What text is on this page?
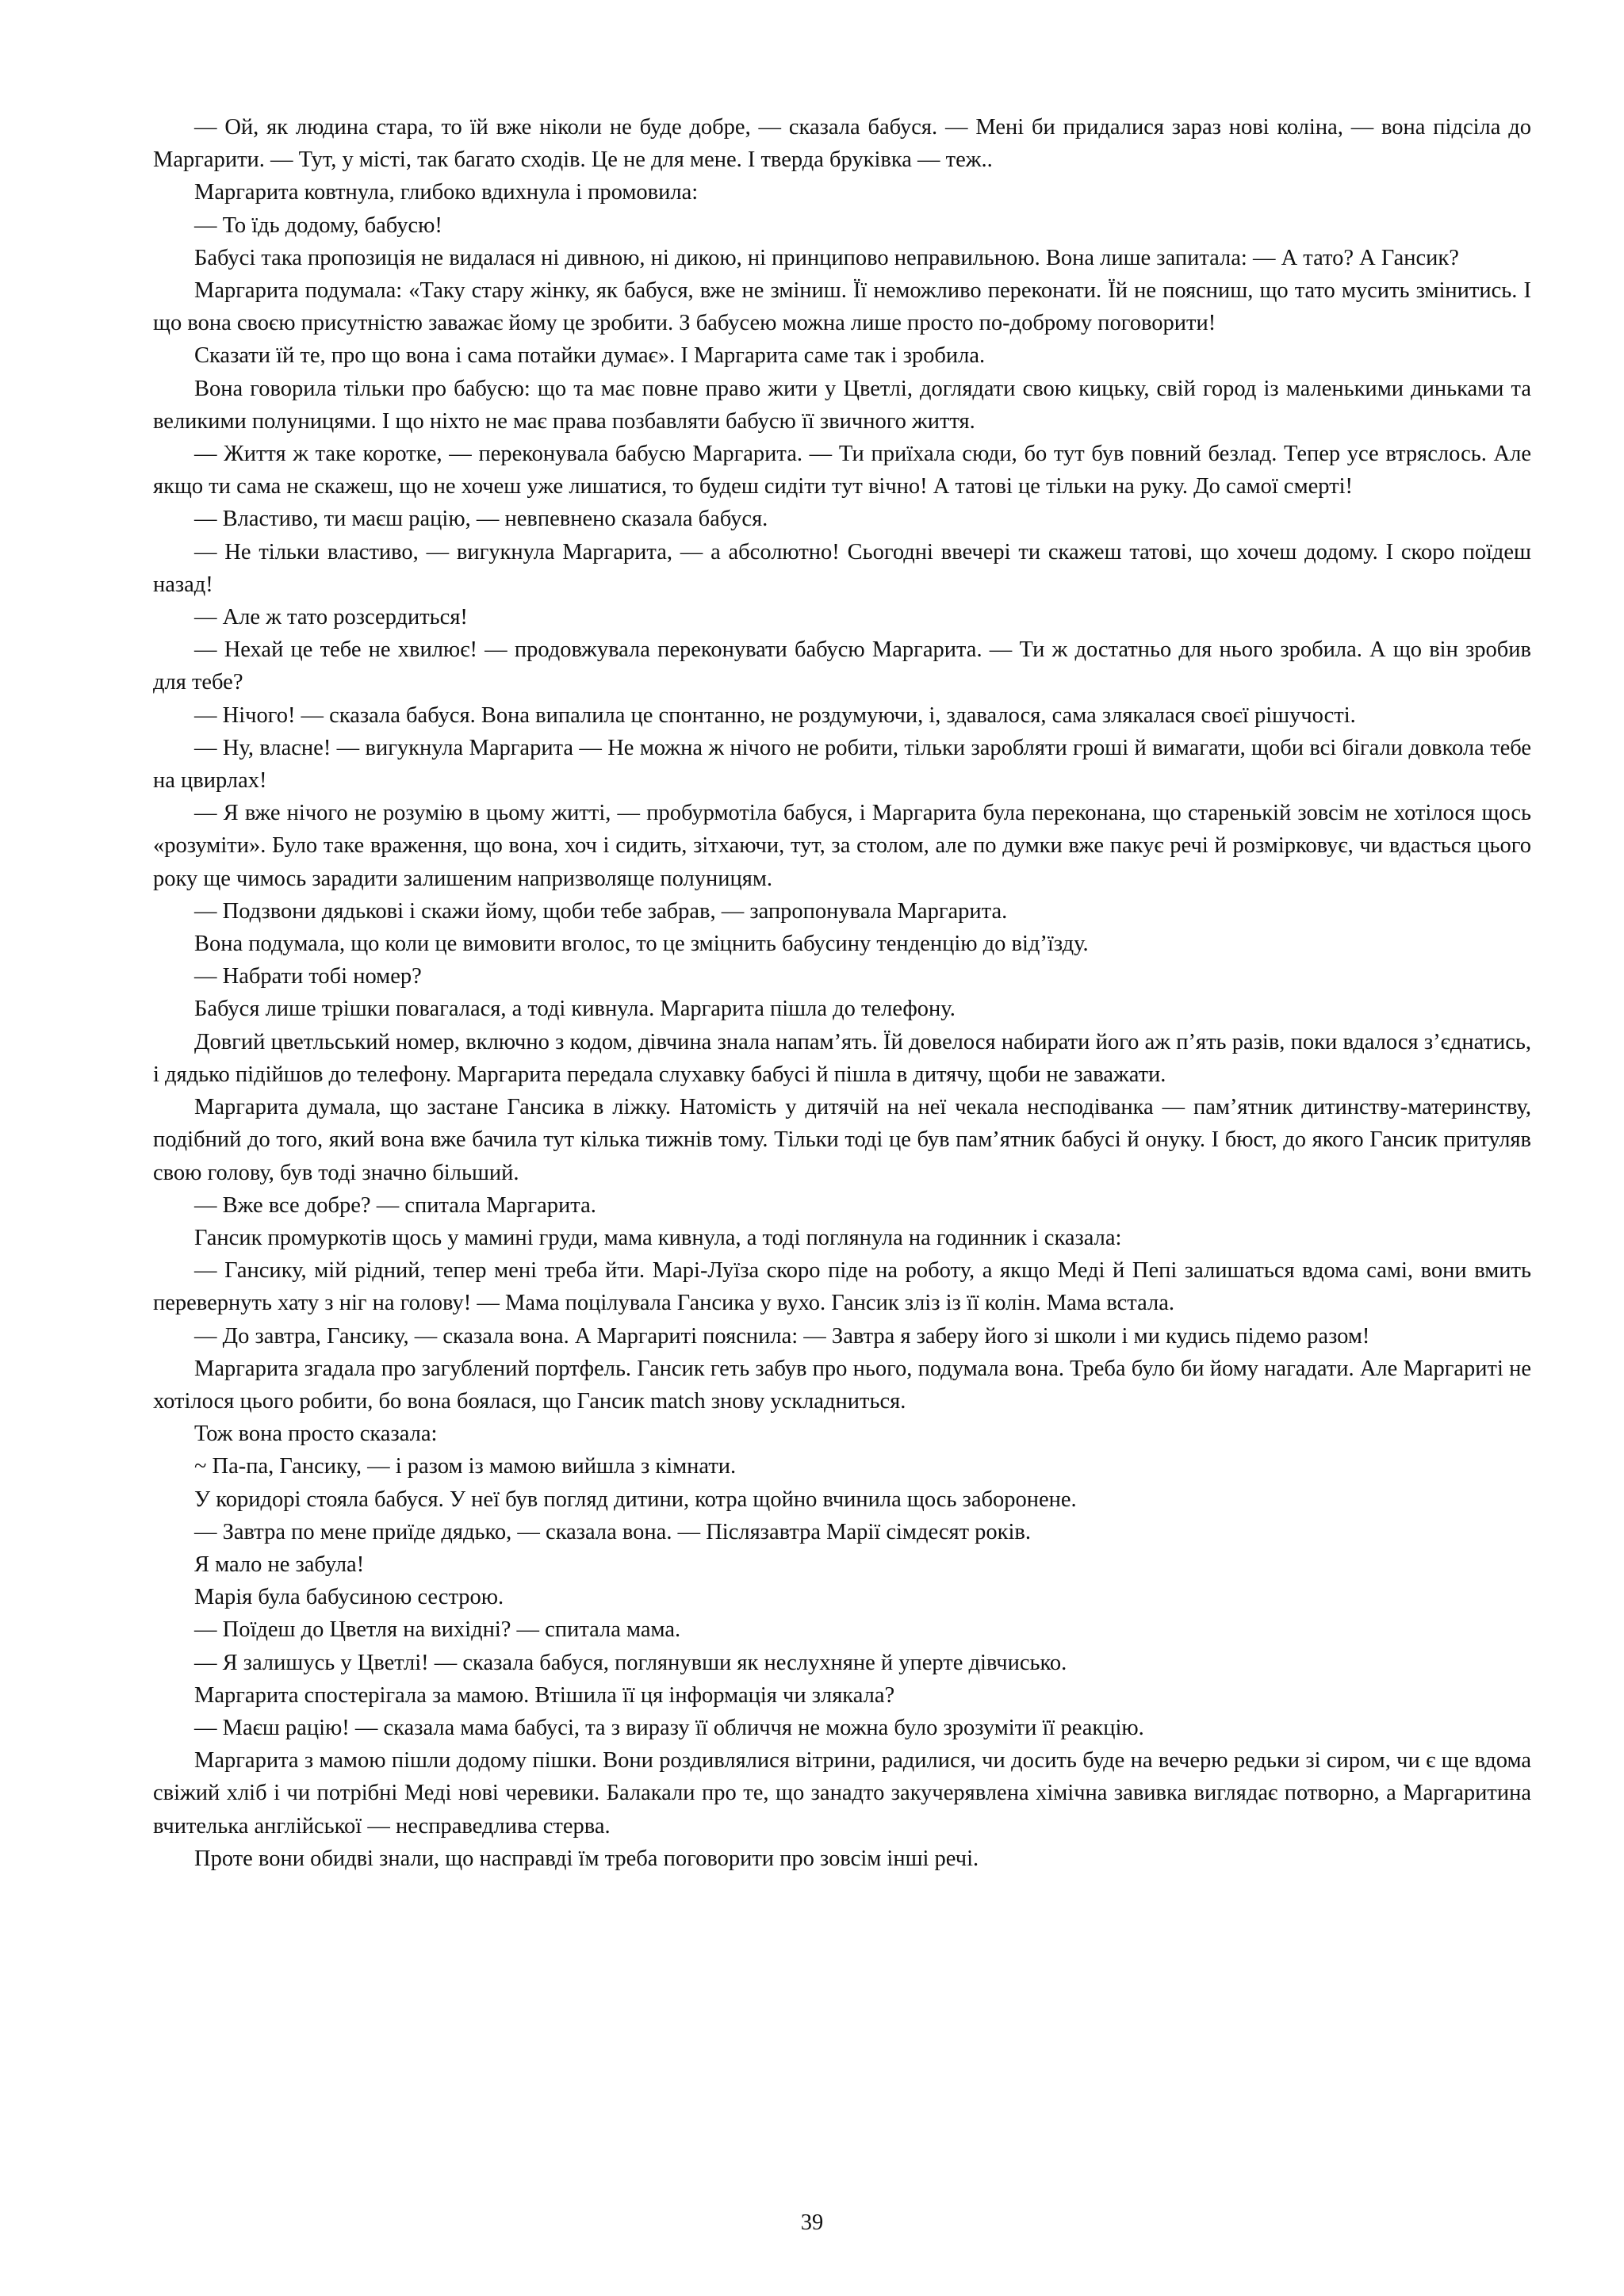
— Ой, як людина стара, то їй вже ніколи не буде добре, — сказала бабуся. — Мені би придалися зараз нові коліна, — вона підсіла до Маргарити. — Тут, у місті, так багато сходів. Це не для мене. І тверда бруківка — теж..

Маргарита ковтнула, глибоко вдихнула і промовила:

— То їдь додому, бабусю!

Бабусі така пропозиція не видалася ні дивною, ні дикою, ні принципово неправильною. Вона лише запитала: — А тато? А Гансик?

Маргарита подумала: «Таку стару жінку, як бабуся, вже не зміниш. Її неможливо переконати. Їй не поясниш, що тато мусить змінитись. І що вона своєю присутністю заважає йому це зробити. З бабусею можна лише просто по-доброму поговорити!

Сказати їй те, про що вона і сама потайки думає». І Маргарита саме так і зробила.

Вона говорила тільки про бабусю: що та має повне право жити у Цветлі, доглядати свою кицьку, свій город із маленькими диньками та великими полуницями. І що ніхто не має права позбавляти бабусю її звичного життя.

— Життя ж таке коротке, — переконувала бабусю Маргарита. — Ти приїхала сюди, бо тут був повний безлад. Тепер усе втряслось. Але якщо ти сама не скажеш, що не хочеш уже лишатися, то будеш сидіти тут вічно! А татові це тільки на руку. До самої смерті!

— Властиво, ти маєш рацію, — невпевнено сказала бабуся.

— Не тільки властиво, — вигукнула Маргарита, — а абсолютно! Сьогодні ввечері ти скажеш татові, що хочеш додому. І скоро поїдеш назад!

— Але ж тато розсердиться!

— Нехай це тебе не хвилює! — продовжувала переконувати бабусю Маргарита. — Ти ж достатньо для нього зробила. А що він зробив для тебе?

— Нічого! — сказала бабуся. Вона випалила це спонтанно, не роздумуючи, і, здавалося, сама злякалася своєї рішучості.

— Ну, власне! — вигукнула Маргарита — Не можна ж нічого не робити, тільки заробляти гроші й вимагати, щоби всі бігали довкола тебе на цвирлах!

— Я вже нічого не розумію в цьому житті, — пробурмотіла бабуся, і Маргарита була переконана, що старенькій зовсім не хотілося щось «розуміти». Було таке враження, що вона, хоч і сидить, зітхаючи, тут, за столом, але по думки вже пакує речі й розмірковує, чи вдасться цього року ще чимось зарадити залишеним напризволяще полуницям.

— Подзвони дядькові і скажи йому, щоби тебе забрав, — запропонувала Маргарита.

Вона подумала, що коли це вимовити вголос, то це зміцнить бабусину тенденцію до від’їзду.

— Набрати тобі номер?

Бабуся лише трішки повагалася, а тоді кивнула. Маргарита пішла до телефону.

Довгий цветльський номер, включно з кодом, дівчина знала напам’ять. Їй довелося набирати його аж п’ять разів, поки вдалося з’єднатись, і дядько підійшов до телефону. Маргарита передала слухавку бабусі й пішла в дитячу, щоби не заважати.

Маргарита думала, що застане Гансика в ліжку. Натомість у дитячій на неї чекала несподіванка — пам’ятник дитинству-материнству, подібний до того, який вона вже бачила тут кілька тижнів тому. Тільки тоді це був пам’ятник бабусі й онуку. І бюст, до якого Гансик притуляв свою голову, був тоді значно більший.

— Вже все добре? — спитала Маргарита.

Гансик промуркотів щось у мамині груди, мама кивнула, а тоді поглянула на годинник і сказала:

— Гансику, мій рідний, тепер мені треба йти. Марі-Луїза скоро піде на роботу, а якщо Меді й Пепі залишаться вдома самі, вони вмить перевернуть хату з ніг на голову! — Мама поцілувала Гансика у вухо. Гансик зліз із її колін. Мама встала.

— До завтра, Гансику, — сказала вона. А Маргариті пояснила: — Завтра я заберу його зі школи і ми кудись підемо разом!

Маргарита згадала про загублений портфель. Гансик геть забув про нього, подумала вона. Треба було би йому нагадати. Але Маргариті не хотілося цього робити, бо вона боялася, що Гансик match знову ускладниться.

Тож вона просто сказала:

~ Па-па, Гансику, — і разом із мамою вийшла з кімнати.

У коридорі стояла бабуся. У неї був погляд дитини, котра щойно вчинила щось заборонене.

— Завтра по мене приїде дядько, — сказала вона. — Післязавтра Марії сімдесят років.

Я мало не забула!

Марія була бабусиною сестрою.

— Поїдеш до Цветля на вихідні? — спитала мама.

— Я залишусь у Цветлі! — сказала бабуся, поглянувши як неслухняне й уперте дівчисько.

Маргарита спостерігала за мамою. Втішила її ця інформація чи злякала?

— Маєш рацію! — сказала мама бабусі, та з виразу її обличчя не можна було зрозуміти її реакцію.

Маргарита з мамою пішли додому пішки. Вони роздивлялися вітрини, радилися, чи досить буде на вечерю редьки зі сиром, чи є ще вдома свіжий хліб і чи потрібні Меді нові черевики. Балакали про те, що занадто закучерявлена хімічна завивка виглядає потворно, а Маргаритина вчителька англійської — несправедлива стерва.

Проте вони обидві знали, що насправді їм треба поговорити про зовсім інші речі.

39
